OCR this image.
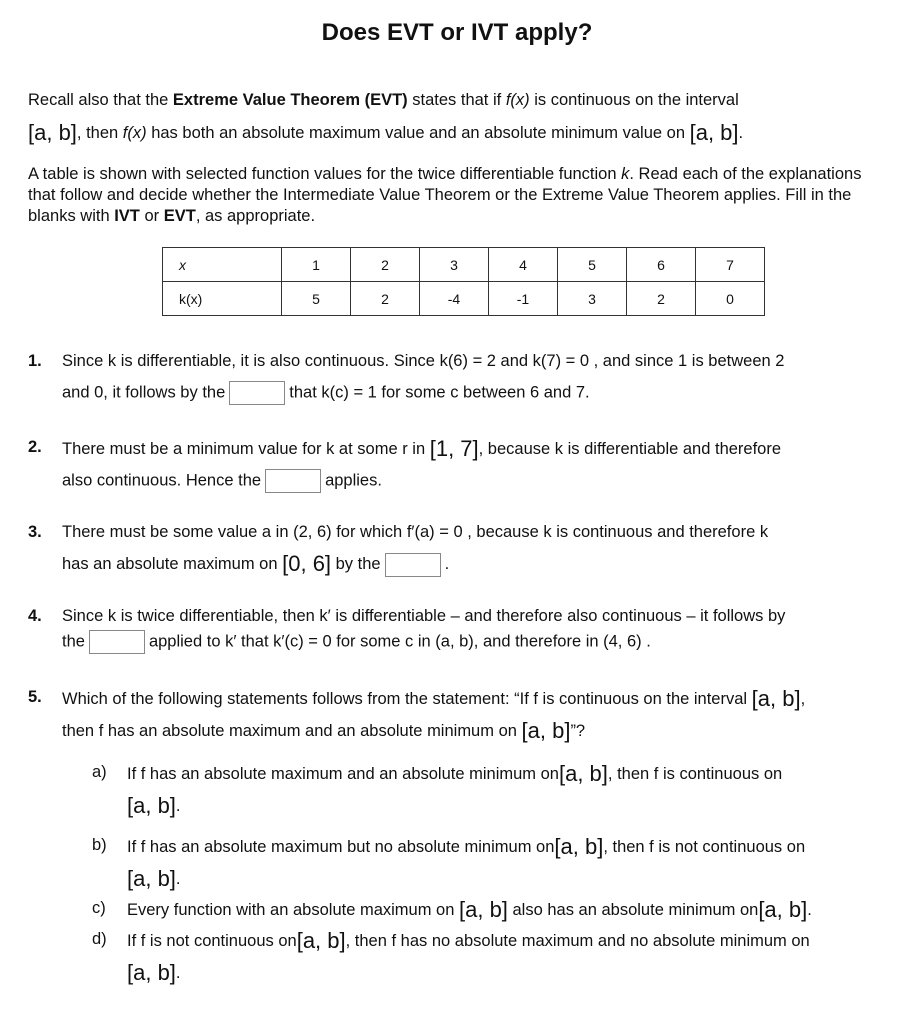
Does EVT or IVT apply?
Recall also that the Extreme Value Theorem (EVT) states that if f(x) is continuous on the interval
[a, b], then f(x) has both an absolute maximum value and an absolute minimum value on [a, b].
A table is shown with selected function values for the twice differentiable function k. Read each of the explanations that follow and decide whether the Intermediate Value Theorem or the Extreme Value Theorem applies. Fill in the blanks with IVT or EVT, as appropriate.
x	1	2	3	4	5	6	7
k(x)	5	2	-4	-1	3	2	0
1. Since k is differentiable, it is also continuous. Since k(6) = 2 and k(7) = 0 , and since 1 is between 2
and 0, it follows by the	that k(c) = 1 for some c between 6 and 7.
2. There must be a minimum value for k at some r in [1, 7], because k is differentiable and therefore
also continuous. Hence the	applies.
3. There must be some value a in (2, 6) for which f′(a) = 0 , because k is continuous and therefore k
has an absolute maximum on [0, 6] by the	.
4. Since k is twice differentiable, then k′ is differentiable – and therefore also continuous – it follows by
the	applied to k′ that k′(c) = 0 for some c in (a, b), and therefore in (4, 6) .
5. Which of the following statements follows from the statement: “If f is continuous on the interval [a, b],
then f has an absolute maximum and an absolute minimum on [a, b]”?
a) If f has an absolute maximum and an absolute minimum on[a, b], then f is continuous on
[a, b].
b) If f has an absolute maximum but no absolute minimum on[a, b], then f is not continuous on
[a, b].
c) Every function with an absolute maximum on [a, b] also has an absolute minimum on[a, b].
d) If f is not continuous on[a, b], then f has no absolute maximum and no absolute minimum on
[a, b].
